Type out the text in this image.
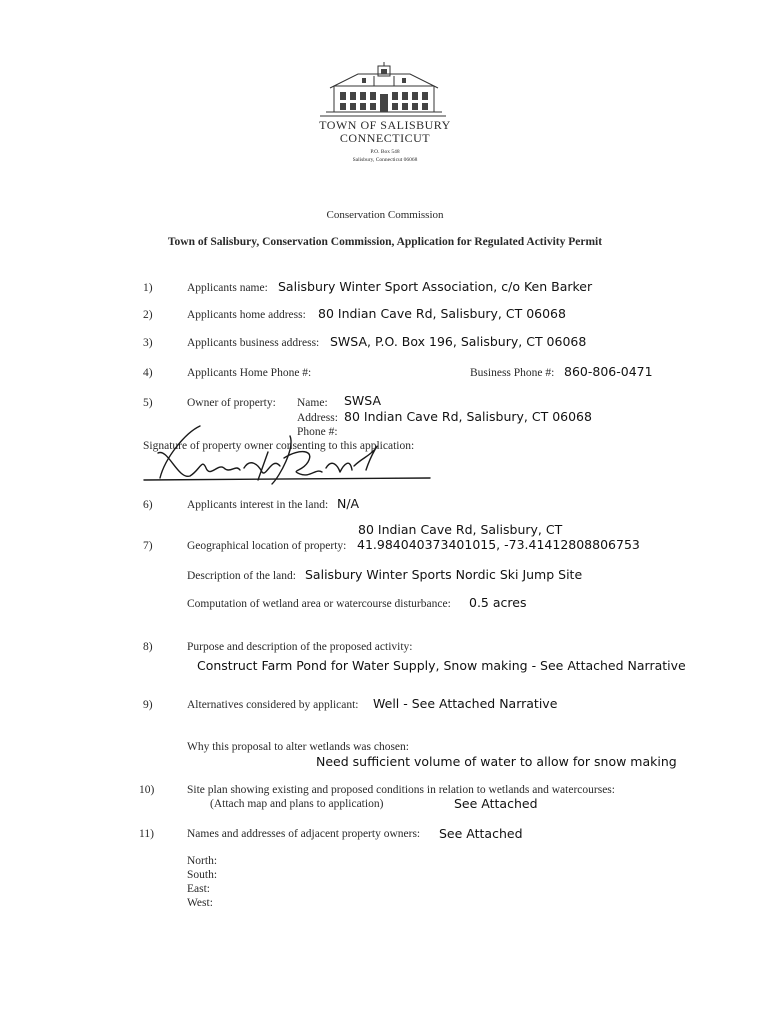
TOWN OF SALISBURY
CONNECTICUT
P.O. Box 548
Salisbury, Connecticut 06068
Conservation Commission
Town of Salisbury, Conservation Commission, Application for Regulated Activity Permit
1)	Applicants name: Salisbury Winter Sport Association, c/o Ken Barker
2)	Applicants home address: 80 Indian Cave Rd, Salisbury, CT 06068
3)	Applicants business address: SWSA, P.O. Box 196, Salisbury, CT 06068
4)	Applicants Home Phone #:	Business Phone #: 860-806-0471
5)	Owner of property: Name: SWSA
Address: 80 Indian Cave Rd, Salisbury, CT 06068
Phone #:
Signature of property owner consenting to this application:
6)	Applicants interest in the land: N/A
80 Indian Cave Rd, Salisbury, CT
7)	Geographical location of property: 41.984040373401015, -73.41412808806753
Description of the land: Salisbury Winter Sports Nordic Ski Jump Site
Computation of wetland area or watercourse disturbance: 0.5 acres
8)	Purpose and description of the proposed activity:
Construct Farm Pond for Water Supply, Snow making - See Attached Narrative
9)	Alternatives considered by applicant: Well - See Attached Narrative
Why this proposal to alter wetlands was chosen:
Need sufficient volume of water to allow for snow making
10)	Site plan showing existing and proposed conditions in relation to wetlands and watercourses:
(Attach map and plans to application)	See Attached
11)	Names and addresses of adjacent property owners: See Attached
North:
South:
East:
West:
